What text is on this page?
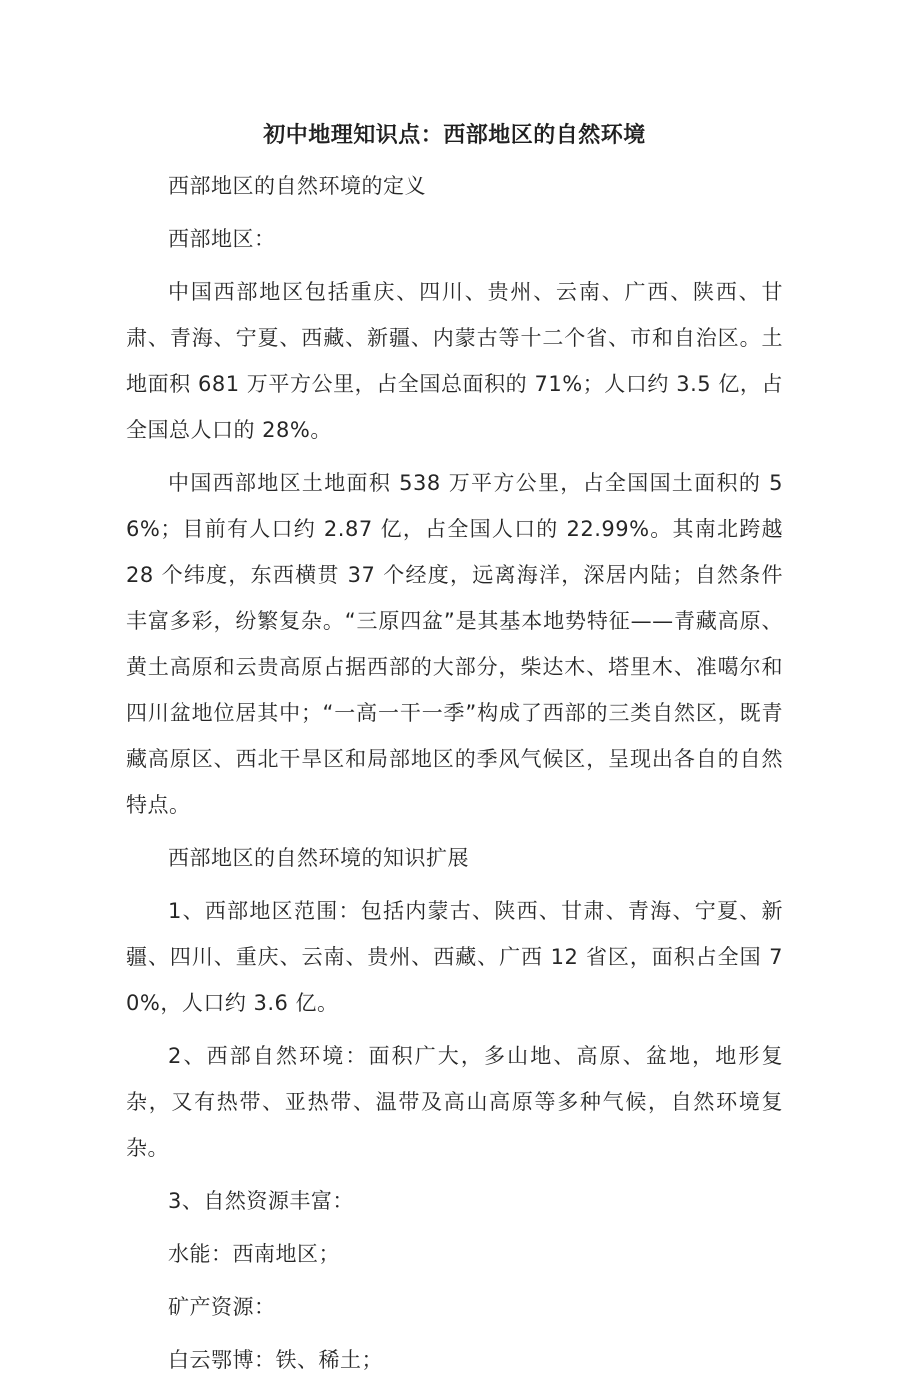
初中地理知识点：西部地区的自然环境

西部地区的自然环境的定义

西部地区：

中国西部地区包括重庆、四川、贵州、云南、广西、陕西、甘肃、青海、宁夏、西藏、新疆、内蒙古等十二个省、市和自治区。土地面积 681 万平方公里，占全国总面积的 71%；人口约 3.5 亿，占全国总人口的 28%。

中国西部地区土地面积 538 万平方公里，占全国国土面积的 56%；目前有人口约 2.87 亿，占全国人口的 22.99%。其南北跨越 28 个纬度，东西横贯 37 个经度，远离海洋，深居内陆；自然条件丰富多彩，纷繁复杂。“三原四盆”是其基本地势特征——青藏高原、黄土高原和云贵高原占据西部的大部分，柴达木、塔里木、准噶尔和四川盆地位居其中；“一高一干一季”构成了西部的三类自然区，既青藏高原区、西北干旱区和局部地区的季风气候区，呈现出各自的自然特点。

西部地区的自然环境的知识扩展

1、西部地区范围：包括内蒙古、陕西、甘肃、青海、宁夏、新疆、四川、重庆、云南、贵州、西藏、广西 12 省区，面积占全国 70%，人口约 3.6 亿。

2、西部自然环境：面积广大，多山地、高原、盆地，地形复杂，又有热带、亚热带、温带及高山高原等多种气候，自然环境复杂。

3、自然资源丰富：

水能：西南地区；

矿产资源：

白云鄂博：铁、稀土；
